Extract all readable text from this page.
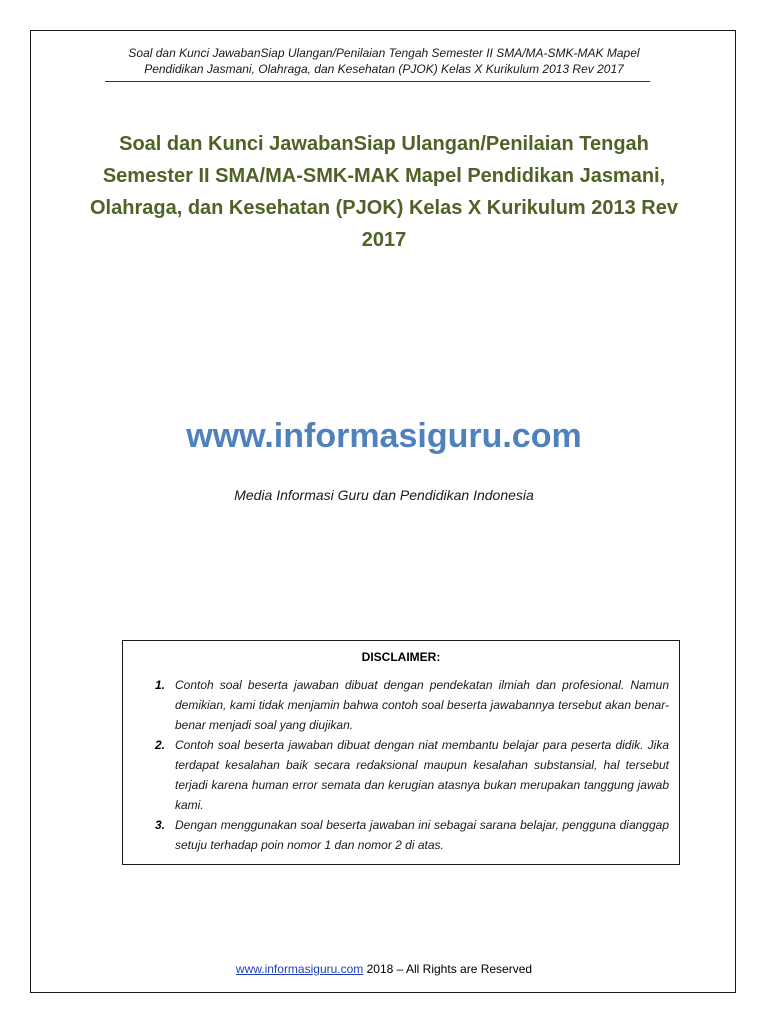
Soal dan Kunci JawabanSiap Ulangan/Penilaian Tengah Semester II SMA/MA-SMK-MAK Mapel
Pendidikan Jasmani, Olahraga, dan Kesehatan (PJOK) Kelas X Kurikulum 2013 Rev 2017
Soal dan Kunci JawabanSiap Ulangan/Penilaian Tengah
Semester II SMA/MA-SMK-MAK Mapel Pendidikan Jasmani,
Olahraga, dan Kesehatan (PJOK) Kelas X Kurikulum 2013 Rev
2017
www.informasiguru.com
Media Informasi Guru dan Pendidikan Indonesia
DISCLAIMER:
1. Contoh soal beserta jawaban dibuat dengan pendekatan ilmiah dan profesional. Namun demikian, kami tidak menjamin bahwa contoh soal beserta jawabannya tersebut akan benar-benar menjadi soal yang diujikan.
2. Contoh soal beserta jawaban dibuat dengan niat membantu belajar para peserta didik. Jika terdapat kesalahan baik secara redaksional maupun kesalahan substansial, hal tersebut terjadi karena human error semata dan kerugian atasnya bukan merupakan tanggung jawab kami.
3. Dengan menggunakan soal beserta jawaban ini sebagai sarana belajar, pengguna dianggap setuju terhadap poin nomor 1 dan nomor 2 di atas.
www.informasiguru.com 2018 – All Rights are Reserved
